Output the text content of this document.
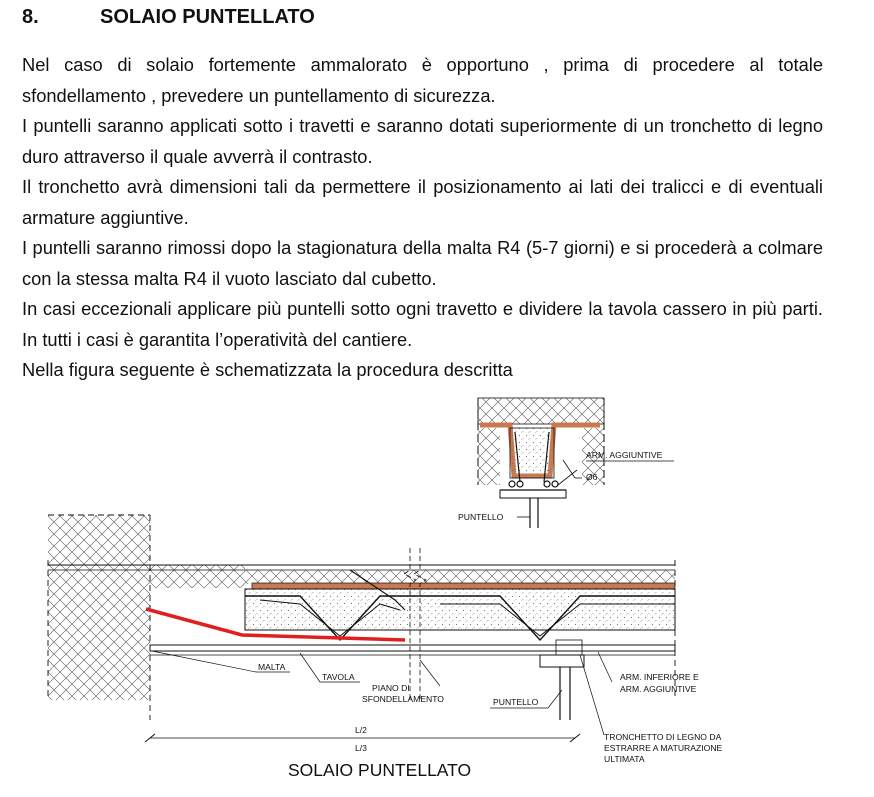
8.	SOLAIO PUNTELLATO

Nel caso di solaio fortemente ammalorato è opportuno , prima di procedere al totale sfondellamento , prevedere un puntellamento di sicurezza.

I puntelli saranno applicati sotto i travetti e saranno dotati superiormente di un tronchetto di legno duro attraverso il quale avverrà il contrasto.

Il tronchetto avrà dimensioni tali da permettere il posizionamento ai lati dei tralicci e di eventuali armature aggiuntive.

I puntelli saranno rimossi dopo la stagionatura della malta R4 (5-7 giorni) e si procederà a colmare con la stessa malta R4 il vuoto lasciato dal cubetto.

In casi eccezionali applicare più puntelli sotto ogni travetto e dividere la tavola cassero in più parti. In tutti i casi è garantita l’operatività del cantiere.

Nella figura seguente è schematizzata la procedura descritta

ARM. AGGIUNTIVE
Ø6
PUNTELLO
MALTA
TAVOLA
PIANO DI
SFONDELLAMENTO	PUNTELLO
ARM. INFERIORE E
ARM. AGGIUNTIVE
TRONCHETTO DI LEGNO DA
ESTRARRE A MATURAZIONE
ULTIMATA
L/2
L/3
SOLAIO PUNTELLATO
